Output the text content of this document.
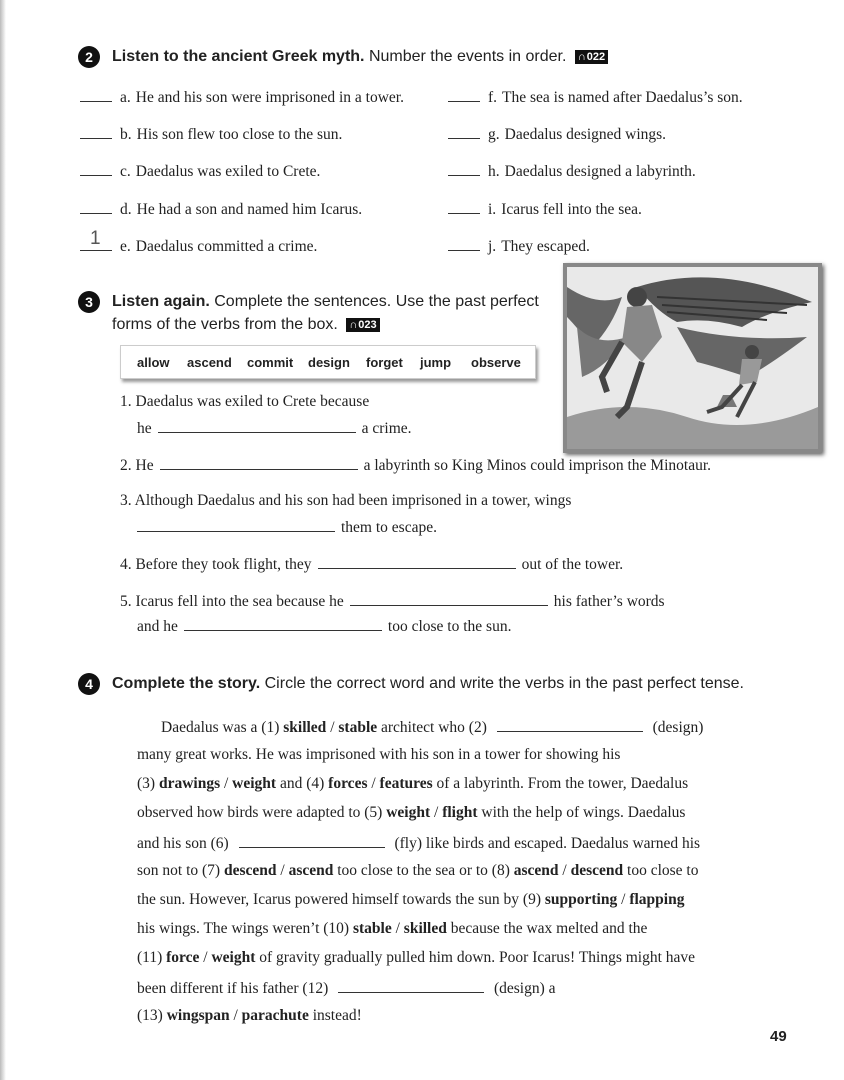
2 Listen to the ancient Greek myth. Number the events in order. ∩022
a. He and his son were imprisoned in a tower.
b. His son flew too close to the sun.
c. Daedalus was exiled to Crete.
d. He had a son and named him Icarus.
1 e. Daedalus committed a crime.
f. The sea is named after Daedalus’s son.
g. Daedalus designed wings.
h. Daedalus designed a labyrinth.
i. Icarus fell into the sea.
j. They escaped.
3 Listen again. Complete the sentences. Use the past perfect
forms of the verbs from the box. ∩023
allow ascend commit design forget jump observe
1. Daedalus was exiled to Crete because
he	a crime.
2. He	a labyrinth so King Minos could imprison the Minotaur.
3. Although Daedalus and his son had been imprisoned in a tower, wings
them to escape.
4. Before they took flight, they	out of the tower.
5. Icarus fell into the sea because he	his father’s words
and he	too close to the sun.
4 Complete the story. Circle the correct word and write the verbs in the past perfect tense.
Daedalus was a (1) skilled / stable architect who (2)	(design)
many great works. He was imprisoned with his son in a tower for showing his
(3) drawings / weight and (4) forces / features of a labyrinth. From the tower, Daedalus
observed how birds were adapted to (5) weight / flight with the help of wings. Daedalus
and his son (6)	(fly) like birds and escaped. Daedalus warned his
son not to (7) descend / ascend too close to the sea or to (8) ascend / descend too close to
the sun. However, Icarus powered himself towards the sun by (9) supporting / flapping
his wings. The wings weren’t (10) stable / skilled because the wax melted and the
(11) force / weight of gravity gradually pulled him down. Poor Icarus! Things might have
been different if his father (12)	(design) a
(13) wingspan / parachute instead!
49
